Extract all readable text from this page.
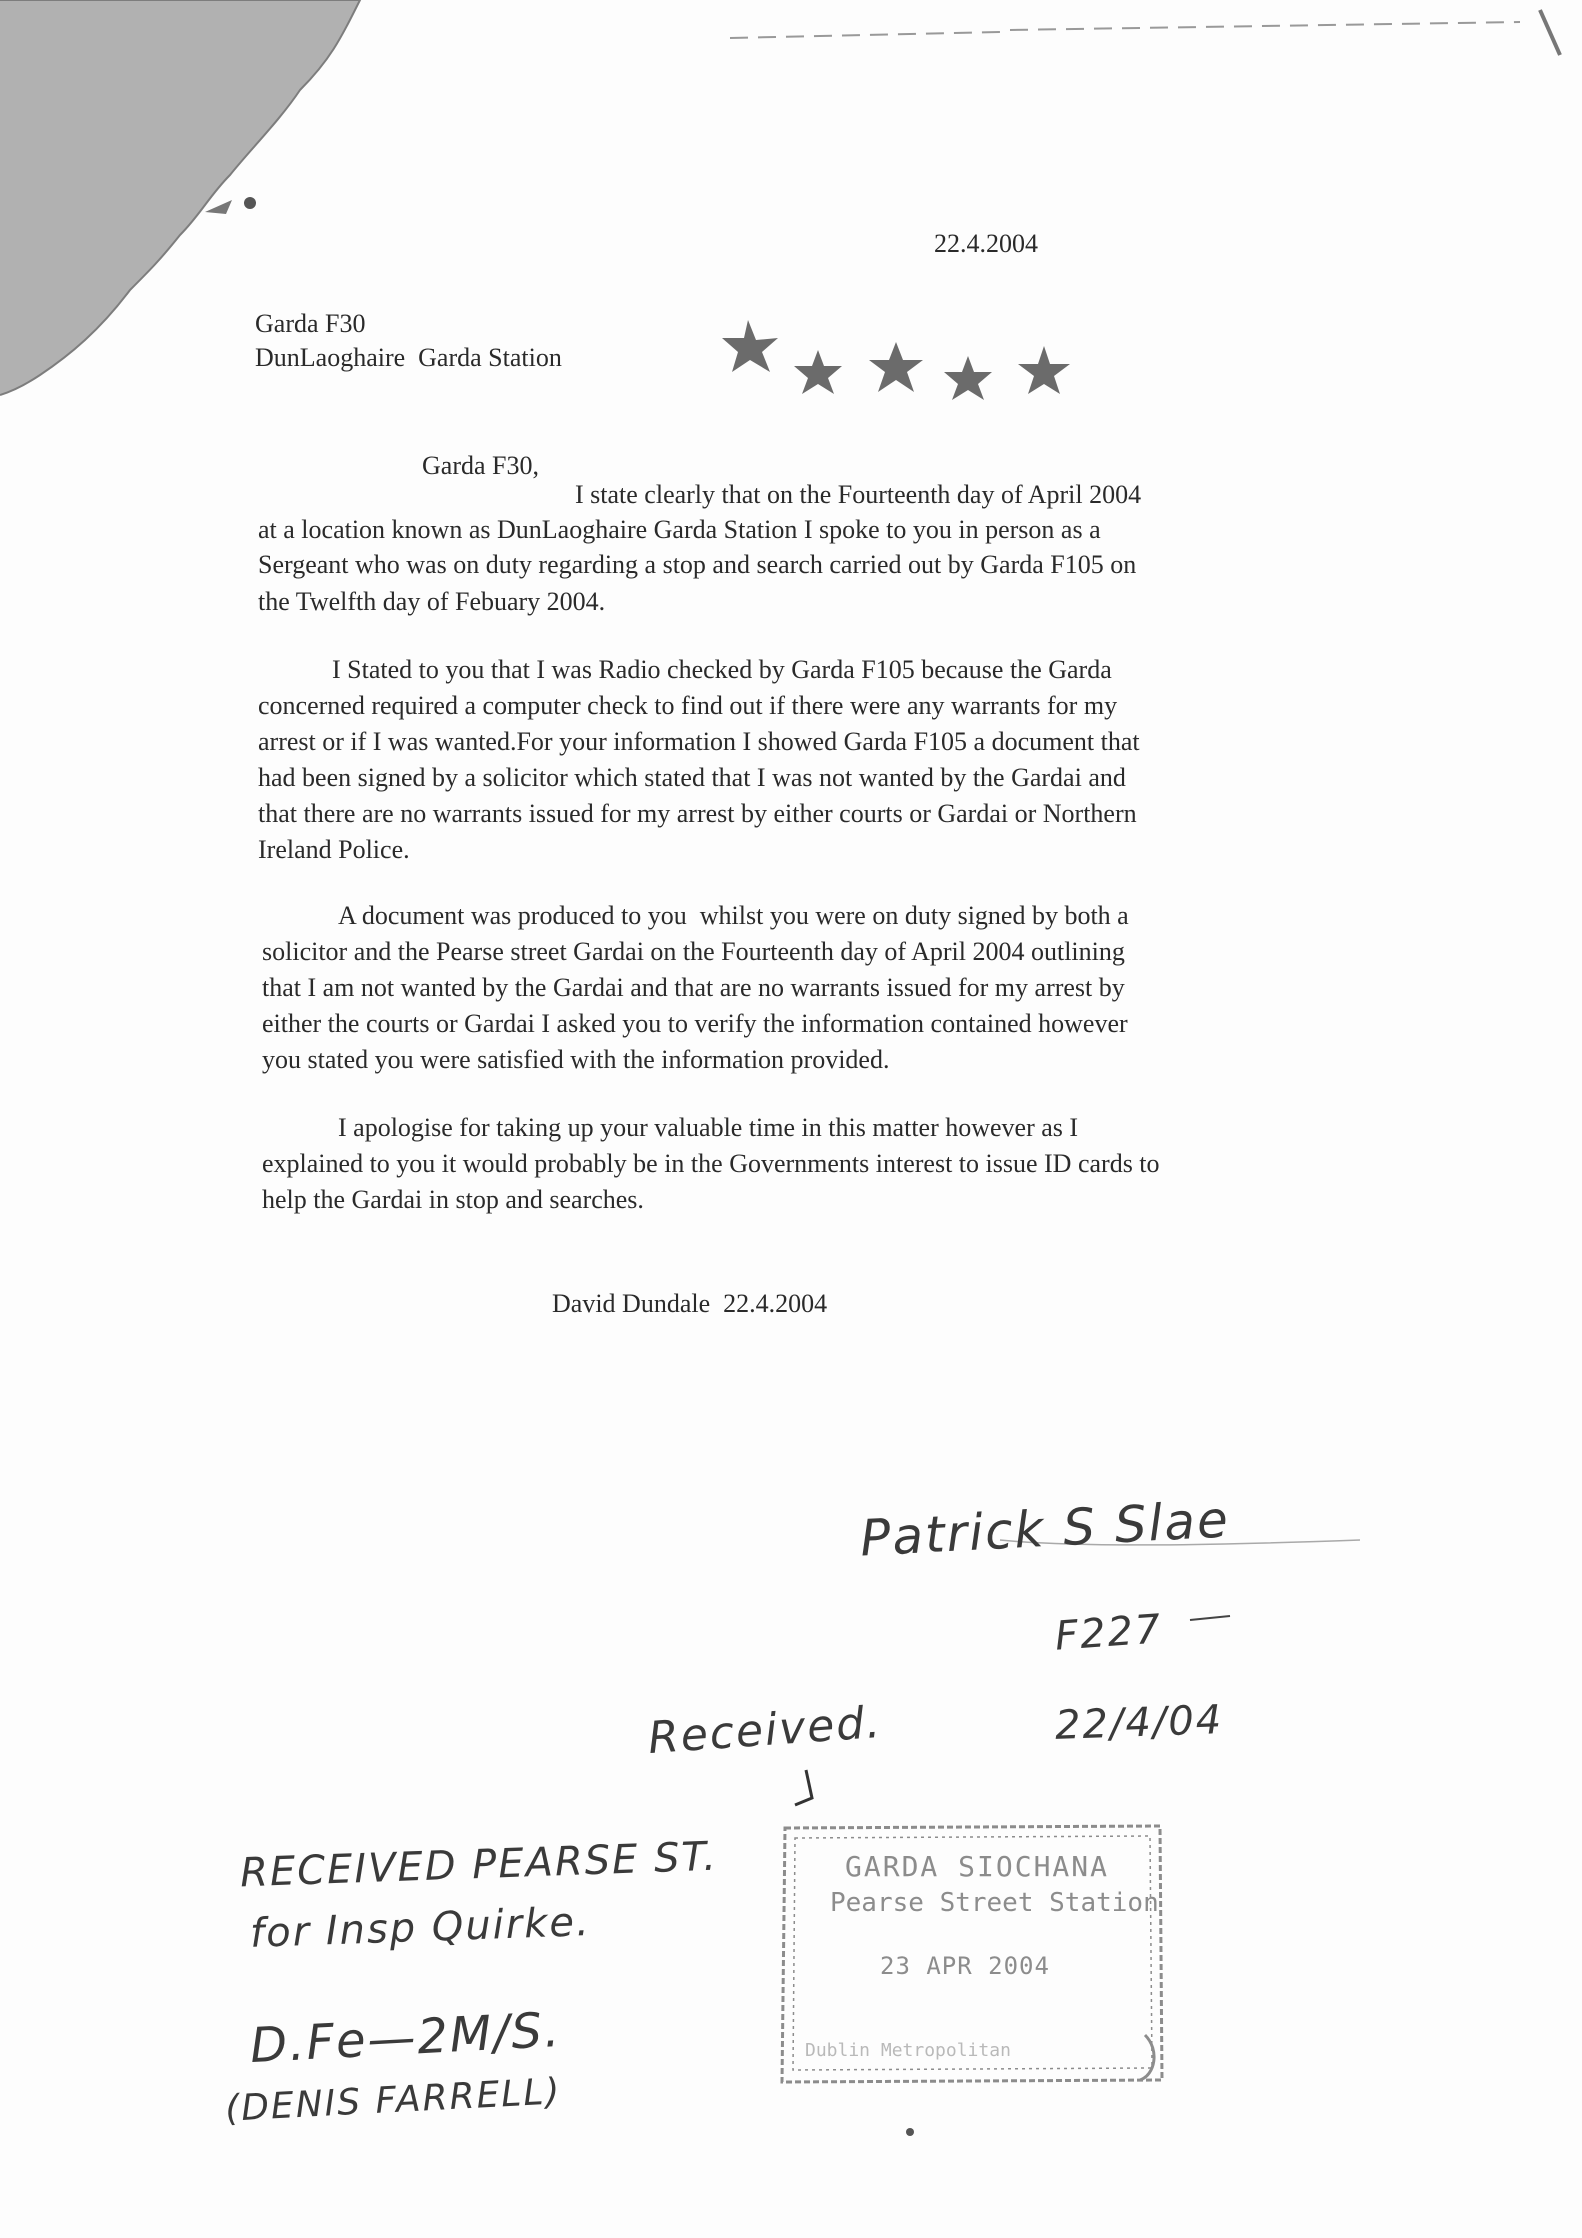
22.4.2004
Garda F30
DunLaoghaire  Garda Station
Garda F30,
I state clearly that on the Fourteenth day of April 2004
at a location known as DunLaoghaire Garda Station I spoke to you in person as a
Sergeant who was on duty regarding a stop and search carried out by Garda F105 on
the Twelfth day of Febuary 2004.
I Stated to you that I was Radio checked by Garda F105 because the Garda
concerned required a computer check to find out if there were any warrants for my
arrest or if I was wanted.For your information I showed Garda F105 a document that
had been signed by a solicitor which stated that I was not wanted by the Gardai and
that there are no warrants issued for my arrest by either courts or Gardai or Northern
Ireland Police.
A document was produced to you  whilst you were on duty signed by both a
solicitor and the Pearse street Gardai on the Fourteenth day of April 2004 outlining
that I am not wanted by the Gardai and that are no warrants issued for my arrest by
either the courts or Gardai I asked you to verify the information contained however
you stated you were satisfied with the information provided.
I apologise for taking up your valuable time in this matter however as I
explained to you it would probably be in the Governments interest to issue ID cards to
help the Gardai in stop and searches.
David Dundale  22.4.2004
Patrick S Slae
F227
Received.	22/4/04
RECEIVED PEARSE ST.
for Insp Quirke.
D.Fe—2M/S.
(DENIS FARRELL)
GARDA SIOCHANA
Pearse Street Station
23 APR 2004
Dublin Metropolitan
